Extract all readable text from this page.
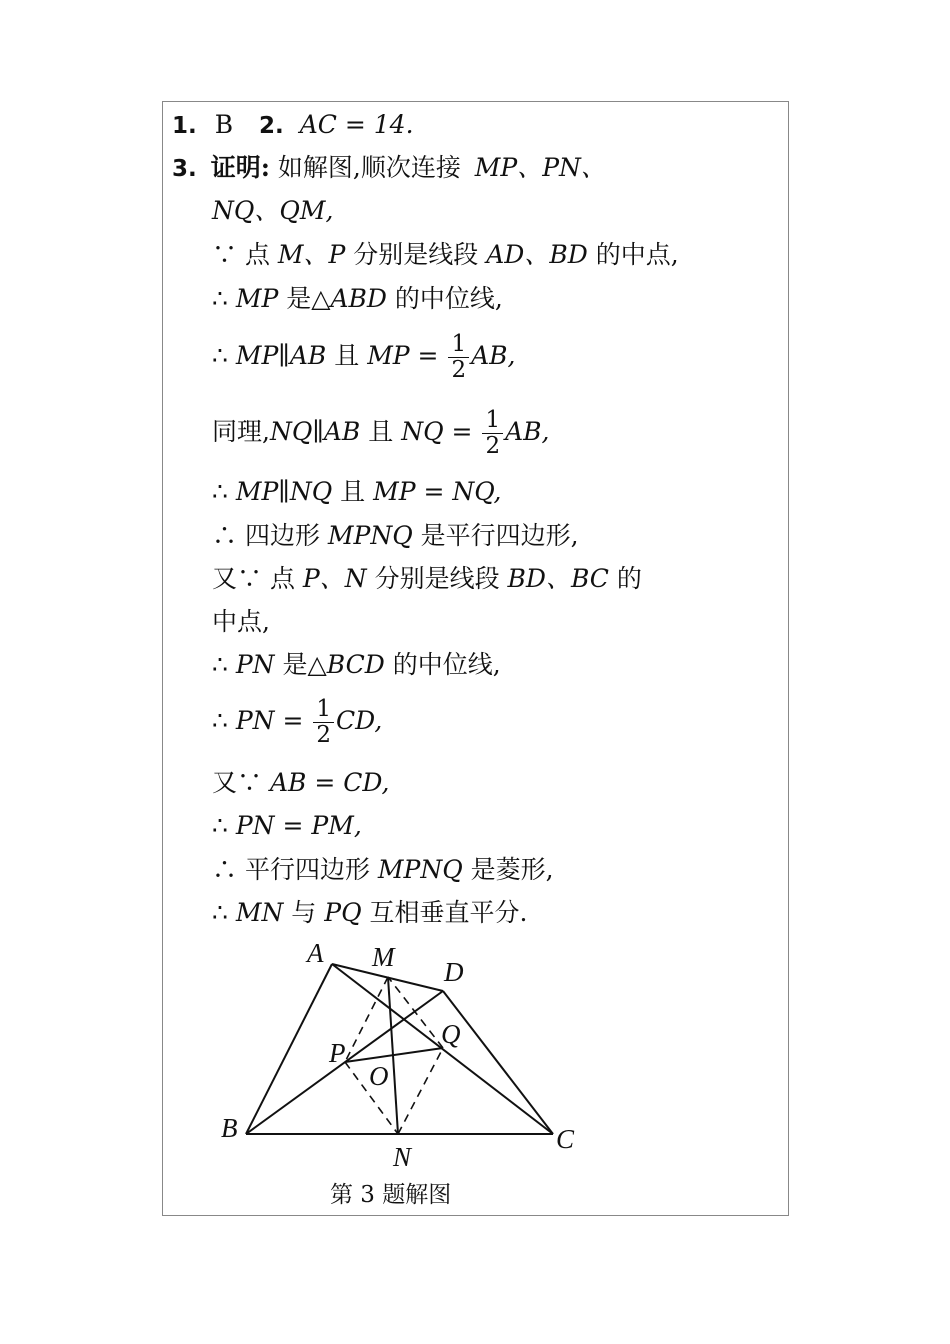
1. B 2. AC = 14.
3. 证明: 如解图,顺次连接 MP、PN、
NQ、QM,
∵ 点 M、P 分别是线段 AD、BD 的中点,
∴ MP 是△ABD 的中位线,
∴ MP∥AB 且 MP = $\frac{1}{2}$ AB,
同理,NQ∥AB 且 NQ = $\frac{1}{2}$ AB,
∴ MP∥NQ 且 MP = NQ,
∴ 四边形 MPNQ 是平行四边形,
又∵ 点 P、N 分别是线段 BD、BC 的
中点,
∴ PN 是△BCD 的中位线,
∴ PN = $\frac{1}{2}$ CD,
又∵ AB = CD,
∴ PN = PM,
∴ 平行四边形 MPNQ 是菱形,
∴ MN 与 PQ 互相垂直平分.
A M D
P
Q
O
B	C
N
第 3 题解图
